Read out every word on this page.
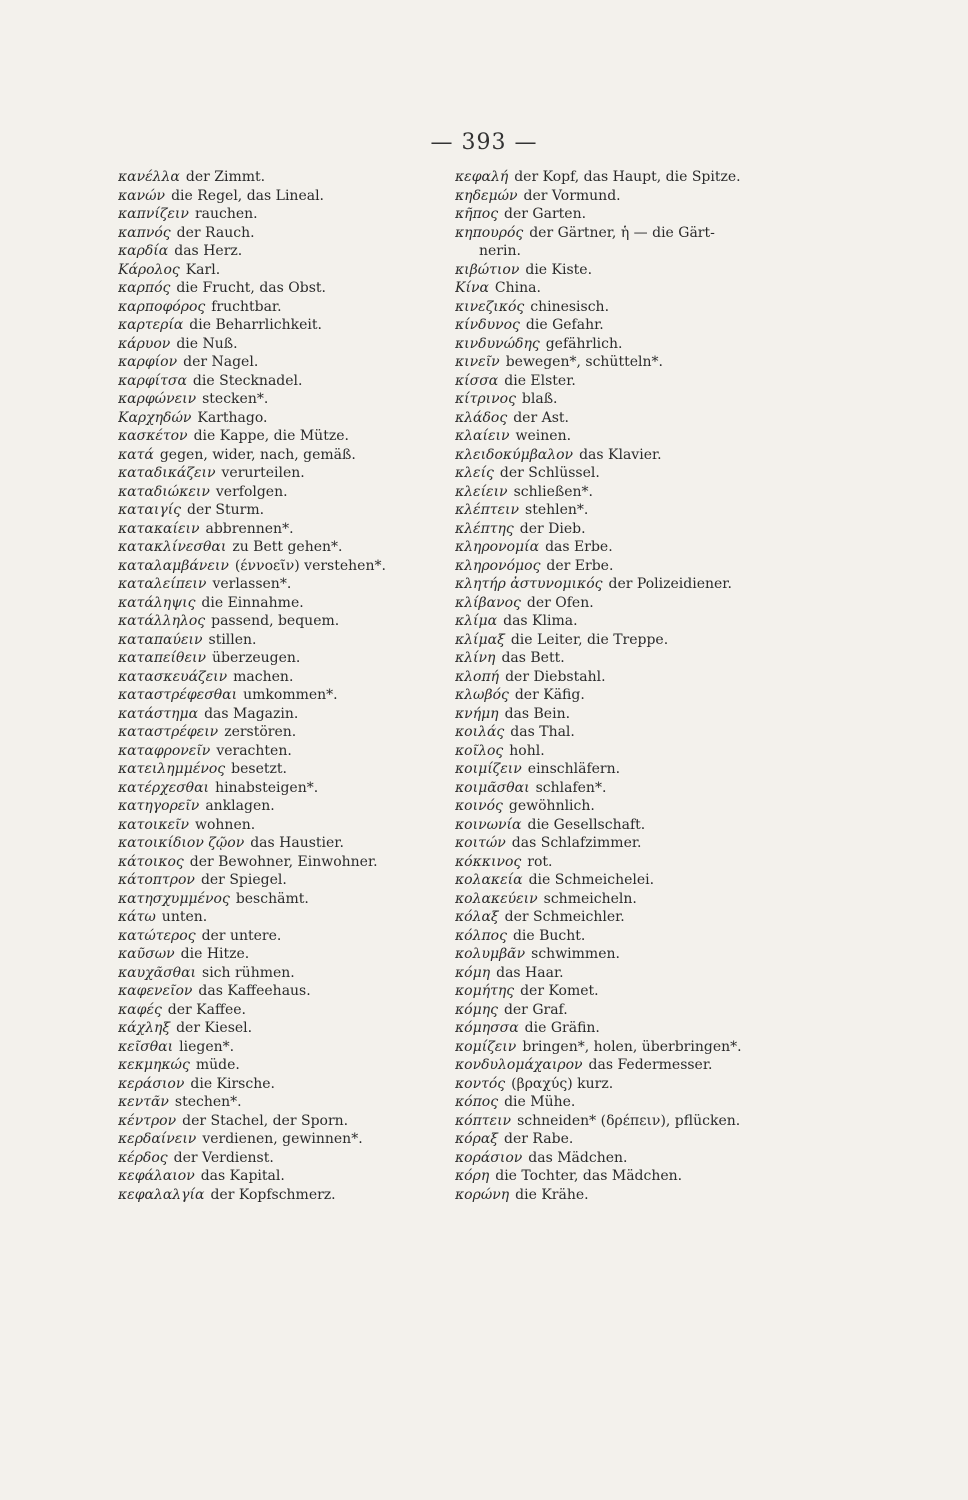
— 393 —
κανέλλα der Zimmt.
κανών die Regel, das Lineal.
καπνίζειν rauchen.
καπνός der Rauch.
καρδία das Herz.
Κάρολος Karl.
καρπός die Frucht, das Obst.
καρποφόρος fruchtbar.
καρτερία die Beharrlichkeit.
κάρυον die Nuß.
καρφίον der Nagel.
καρφίτσα die Stecknadel.
καρφώνειν stecken*.
Καρχηδών Karthago.
κασκέτον die Kappe, die Mütze.
κατά gegen, wider, nach, gemäß.
καταδικάζειν verurteilen.
καταδιώκειν verfolgen.
καταιγίς der Sturm.
κατακαίειν abbrennen*.
κατακλίνεσθαι zu Bett gehen*.
καταλαμβάνειν (έννοεῖν) verstehen*.
καταλείπειν verlassen*.
κατάληψις die Einnahme.
κατάλληλος passend, bequem.
καταπαύειν stillen.
καταπείθειν überzeugen.
κατασκευάζειν machen.
καταστρέφεσθαι umkommen*.
κατάστημα das Magazin.
καταστρέφειν zerstören.
καταφρονεῖν verachten.
κατειλημμένος besetzt.
κατέρχεσθαι hinabsteigen*.
κατηγορεῖν anklagen.
κατοικεῖν wohnen.
κατοικίδιον ζῷον das Haustier.
κάτοικος der Bewohner, Einwohner.
κάτοπτρον der Spiegel.
κατησχυμμένος beschämt.
κάτω unten.
κατώτερος der untere.
καῦσων die Hitze.
καυχᾶσθαι sich rühmen.
καφενεῖον das Kaffeehaus.
καφές der Kaffee.
κάχληξ der Kiesel.
κεῖσθαι liegen*.
κεκμηκώς müde.
κεράσιον die Kirsche.
κεντᾶν stechen*.
κέντρον der Stachel, der Sporn.
κερδαίνειν verdienen, gewinnen*.
κέρδος der Verdienst.
κεφάλαιον das Kapital.
κεφαλαλγία der Kopfschmerz.
κεφαλή der Kopf, das Haupt, die Spitze.
κηδεμών der Vormund.
κῆπος der Garten.
κηπουρός der Gärtner, ἡ — die Gärt-
nerin.
κιβώτιον die Kiste.
Κίνα China.
κινεζικός chinesisch.
κίνδυνος die Gefahr.
κινδυνώδης gefährlich.
κινεῖν bewegen*, schütteln*.
κίσσα die Elster.
κίτρινος blaß.
κλάδος der Ast.
κλαίειν weinen.
κλειδοκύμβαλον das Klavier.
κλείς der Schlüssel.
κλείειν schließen*.
κλέπτειν stehlen*.
κλέπτης der Dieb.
κληρονομία das Erbe.
κληρονόμος der Erbe.
κλητήρ ἀστυνομικός der Polizeidiener.
κλίβανος der Ofen.
κλίμα das Klima.
κλίμαξ die Leiter, die Treppe.
κλίνη das Bett.
κλοπή der Diebstahl.
κλωβός der Käfig.
κνήμη das Bein.
κοιλάς das Thal.
κοῖλος hohl.
κοιμίζειν einschläfern.
κοιμᾶσθαι schlafen*.
κοινός gewöhnlich.
κοινωνία die Gesellschaft.
κοιτών das Schlafzimmer.
κόκκινος rot.
κολακεία die Schmeichelei.
κολακεύειν schmeicheln.
κόλαξ der Schmeichler.
κόλπος die Bucht.
κολυμβᾶν schwimmen.
κόμη das Haar.
κομήτης der Komet.
κόμης der Graf.
κόμησσα die Gräfin.
κομίζειν bringen*, holen, überbringen*.
κονδυλομάχαιρον das Federmesser.
κοντός (βραχύς) kurz.
κόπος die Mühe.
κόπτειν schneiden* (δρέπειν), pflücken.
κόραξ der Rabe.
κοράσιον das Mädchen.
κόρη die Tochter, das Mädchen.
κορώνη die Krähe.
